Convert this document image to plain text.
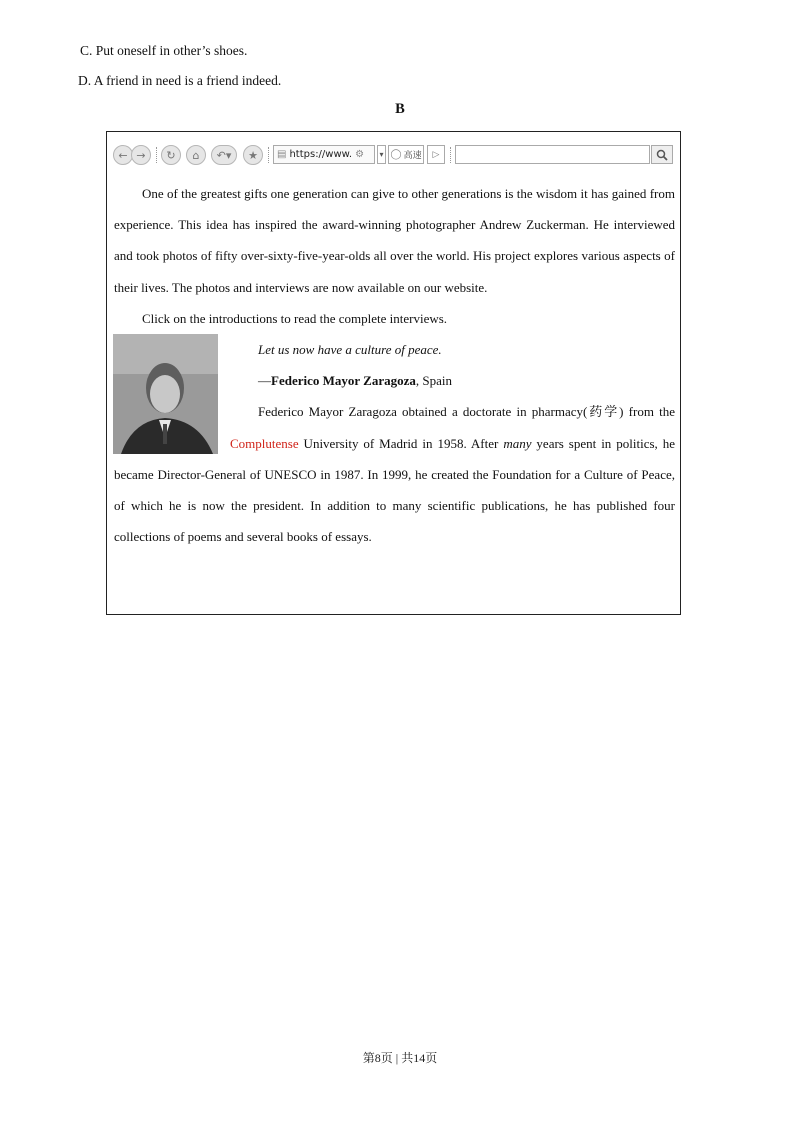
C. Put oneself in other’s shoes.
D. A friend in need is a friend indeed.
B
← →	↻	⌂	↶▾	★	▤ https://www. ⚙	▾ ◯ 高速	▷

One of the greatest gifts one generation can give to other generations is the wisdom it has gained from experience. This idea has inspired the award-winning photographer Andrew Zuckerman. He interviewed and took photos of fifty over-sixty-five-year-olds all over the world. His project explores various aspects of their lives. The photos and interviews are now available on our website.

Click on the introductions to read the complete interviews.

Let us now have a culture of peace.

—Federico Mayor Zaragoza, Spain

Federico Mayor Zaragoza obtained a doctorate in pharmacy(药学) from the Complutense University of Madrid in 1958. After many years spent in politics, he became Director-General of UNESCO in 1987. In 1999, he created the Foundation for a Culture of Peace, of which he is now the president. In addition to many scientific publications, he has published four collections of poems and several books of essays.

第8页 | 共14页
